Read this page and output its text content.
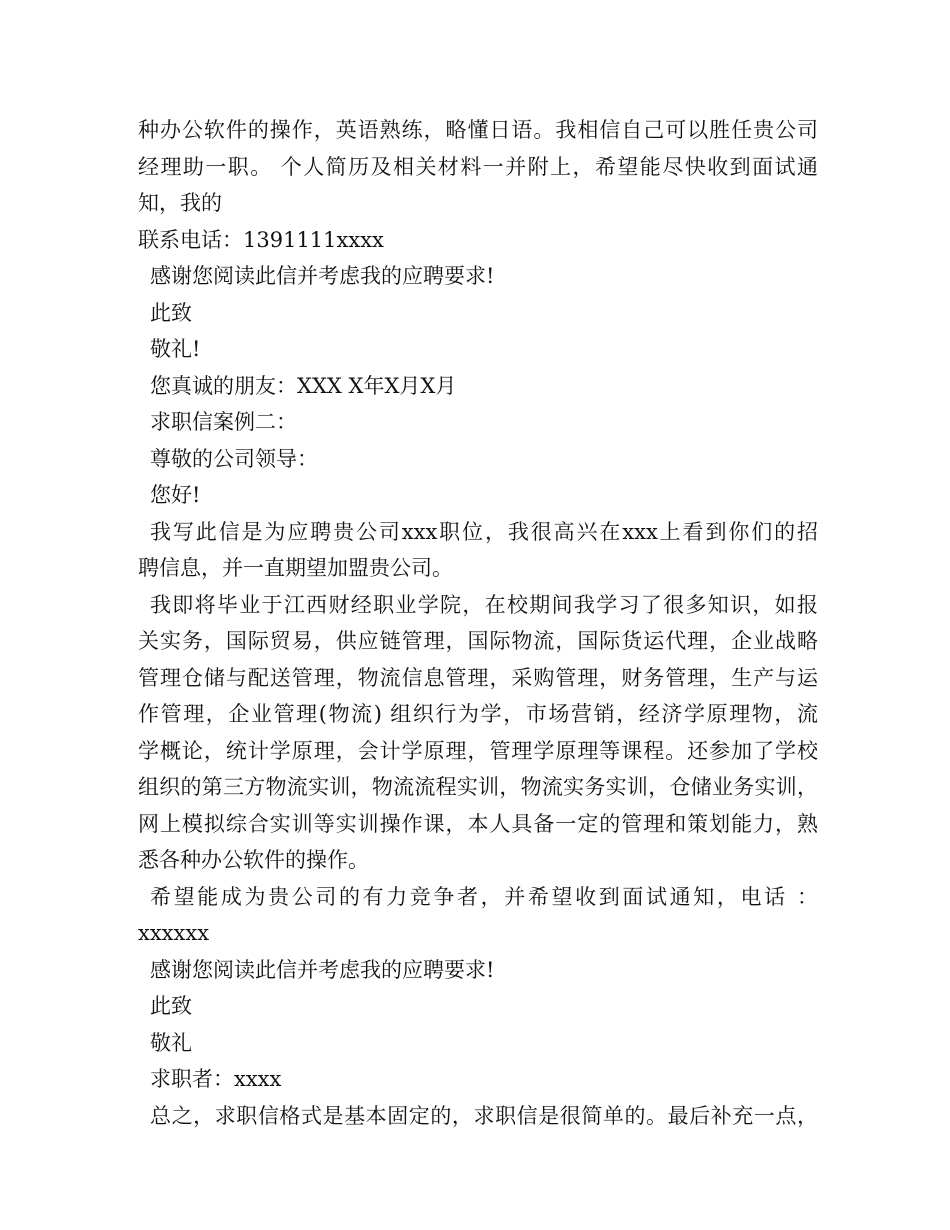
种办公软件的操作，英语熟练，略懂日语。我相信自己可以胜任贵公司
经理助一职。 个人简历及相关材料一并附上，希望能尽快收到面试通
知，我的
联系电话：1391111xxxx
感谢您阅读此信并考虑我的应聘要求!
此致
敬礼!
您真诚的朋友：XXX X年X月X月
求职信案例二：
尊敬的公司领导：
您好!
我写此信是为应聘贵公司xxx职位，我很高兴在xxx上看到你们的招
聘信息，并一直期望加盟贵公司。
我即将毕业于江西财经职业学院，在校期间我学习了很多知识，如报
关实务，国际贸易，供应链管理，国际物流，国际货运代理，企业战略
管理仓储与配送管理，物流信息管理，采购管理，财务管理，生产与运
作管理，企业管理(物流) 组织行为学，市场营销，经济学原理物，流
学概论，统计学原理，会计学原理，管理学原理等课程。还参加了学校
组织的第三方物流实训，物流流程实训，物流实务实训，仓储业务实训，
网上模拟综合实训等实训操作课，本人具备一定的管理和策划能力，熟
悉各种办公软件的操作。
希望能成为贵公司的有力竞争者，并希望收到面试通知，电话 ：
xxxxxx
感谢您阅读此信并考虑我的应聘要求!
此致
敬礼
求职者：xxxx
总之，求职信格式是基本固定的，求职信是很简单的。最后补充一点，
